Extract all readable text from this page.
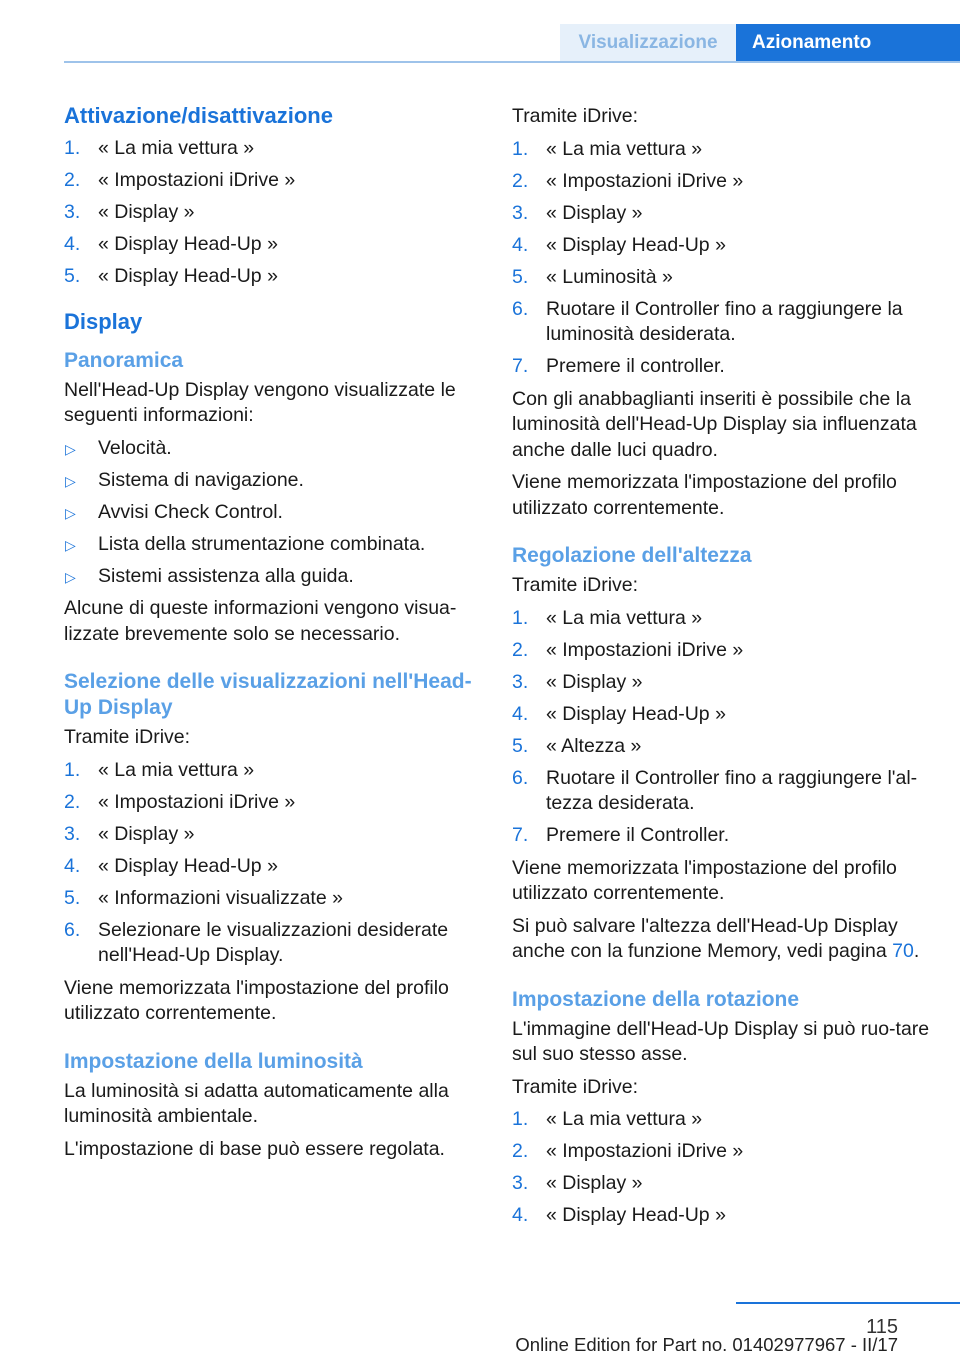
Visualizzazione	Azionamento
Attivazione/disattivazione
1. « La mia vettura »
2. « Impostazioni iDrive »
3. « Display »
4. « Display Head-Up »
5. « Display Head-Up »
Display
Panoramica

Nell'Head-Up Display vengono visualizzate le seguenti informazioni:

▷ Velocità.
▷ Sistema di navigazione.
▷ Avvisi Check Control.
▷ Lista della strumentazione combinata.
▷ Sistemi assistenza alla guida.

Alcune di queste informazioni vengono visua-lizzate brevemente solo se necessario.

Selezione delle visualizzazioni nell'Head-Up Display

Tramite iDrive:

1. « La mia vettura »
2. « Impostazioni iDrive »
3. « Display »
4. « Display Head-Up »
5. « Informazioni visualizzate »
6. Selezionare le visualizzazioni desiderate nell'Head-Up Display.

Viene memorizzata l'impostazione del profilo utilizzato correntemente.

Impostazione della luminosità

La luminosità si adatta automaticamente alla luminosità ambientale.

L'impostazione di base può essere regolata.

Tramite iDrive:

1. « La mia vettura »
2. « Impostazioni iDrive »
3. « Display »
4. « Display Head-Up »
5. « Luminosità »
6. Ruotare il Controller fino a raggiungere la luminosità desiderata.
7. Premere il controller.

Con gli anabbaglianti inseriti è possibile che la luminosità dell'Head-Up Display sia influenzata anche dalle luci quadro.

Viene memorizzata l'impostazione del profilo utilizzato correntemente.

Regolazione dell'altezza

Tramite iDrive:

1. « La mia vettura »
2. « Impostazioni iDrive »
3. « Display »
4. « Display Head-Up »
5. « Altezza »
6. Ruotare il Controller fino a raggiungere l'al-tezza desiderata.
7. Premere il Controller.

Viene memorizzata l'impostazione del profilo utilizzato correntemente.

Si può salvare l'altezza dell'Head-Up Display anche con la funzione Memory, vedi pagina 70.

Impostazione della rotazione

L'immagine dell'Head-Up Display si può ruo-tare sul suo stesso asse.

Tramite iDrive:

1. « La mia vettura »
2. « Impostazioni iDrive »
3. « Display »
4. « Display Head-Up »
115
Online Edition for Part no. 01402977967 - II/17
